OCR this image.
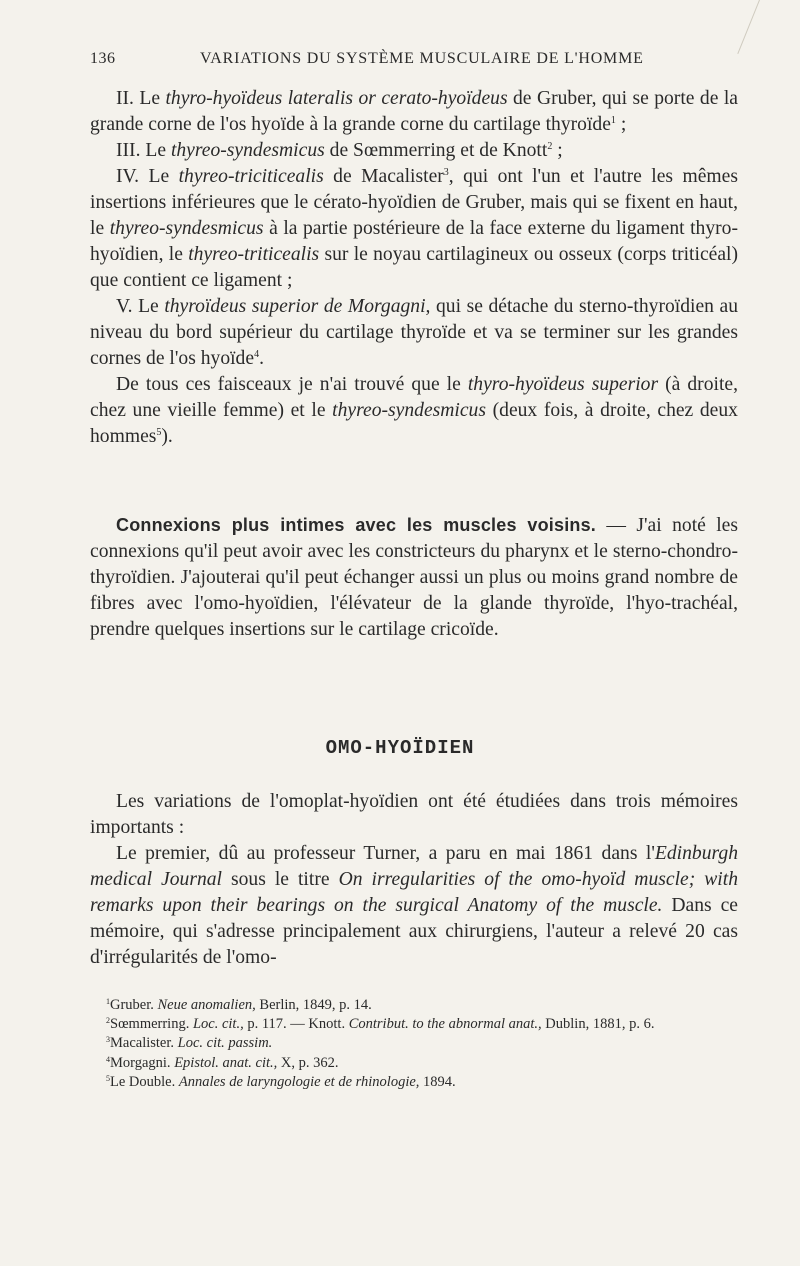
136	VARIATIONS DU SYSTÈME MUSCULAIRE DE L'HOMME

II. Le thyro-hyoïdeus lateralis or cerato-hyoïdeus de Gruber, qui se porte de la grande corne de l'os hyoïde à la grande corne du cartilage thyroïde$^1$ ;

III. Le thyreo-syndesmicus de Sœmmerring et de Knott$^2$ ;

IV. Le thyreo-triciticealis de Macalister$^3$, qui ont l'un et l'autre les mêmes insertions inférieures que le cérato-hyoïdien de Gruber, mais qui se fixent en haut, le thyreo-syndesmicus à la partie postérieure de la face externe du ligament thyro-hyoïdien, le thyreo-triticealis sur le noyau cartilagineux ou osseux (corps triticéal) que contient ce ligament ;

V. Le thyroïdeus superior de Morgagni, qui se détache du sterno-thyroïdien au niveau du bord supérieur du cartilage thyroïde et va se terminer sur les grandes cornes de l'os hyoïde$^4$.

De tous ces faisceaux je n'ai trouvé que le thyro-hyoïdeus superior (à droite, chez une vieille femme) et le thyreo-syndesmicus (deux fois, à droite, chez deux hommes$^5$).

Connexions plus intimes avec les muscles voisins. — J'ai noté les connexions qu'il peut avoir avec les constricteurs du pharynx et le sterno-chondro-thyroïdien. J'ajouterai qu'il peut échanger aussi un plus ou moins grand nombre de fibres avec l'omo-hyoïdien, l'élévateur de la glande thyroïde, l'hyo-trachéal, prendre quelques insertions sur le cartilage cricoïde.

OMO-HYOÏDIEN

Les variations de l'omoplat-hyoïdien ont été étudiées dans trois mémoires importants :

Le premier, dû au professeur Turner, a paru en mai 1861 dans l'Edinburgh medical Journal sous le titre On irregularities of the omo-hyoïd muscle; with remarks upon their bearings on the surgical Anatomy of the muscle. Dans ce mémoire, qui s'adresse principalement aux chirurgiens, l'auteur a relevé 20 cas d'irrégularités de l'omo-

$^1$Gruber. Neue anomalien, Berlin, 1849, p. 14.

$^2$Sœmmerring. Loc. cit., p. 117. — Knott. Contribut. to the abnormal anat., Dublin, 1881, p. 6.

$^3$Macalister. Loc. cit. passim.

$^4$Morgagni. Epistol. anat. cit., X, p. 362.

$^5$Le Double. Annales de laryngologie et de rhinologie, 1894.
